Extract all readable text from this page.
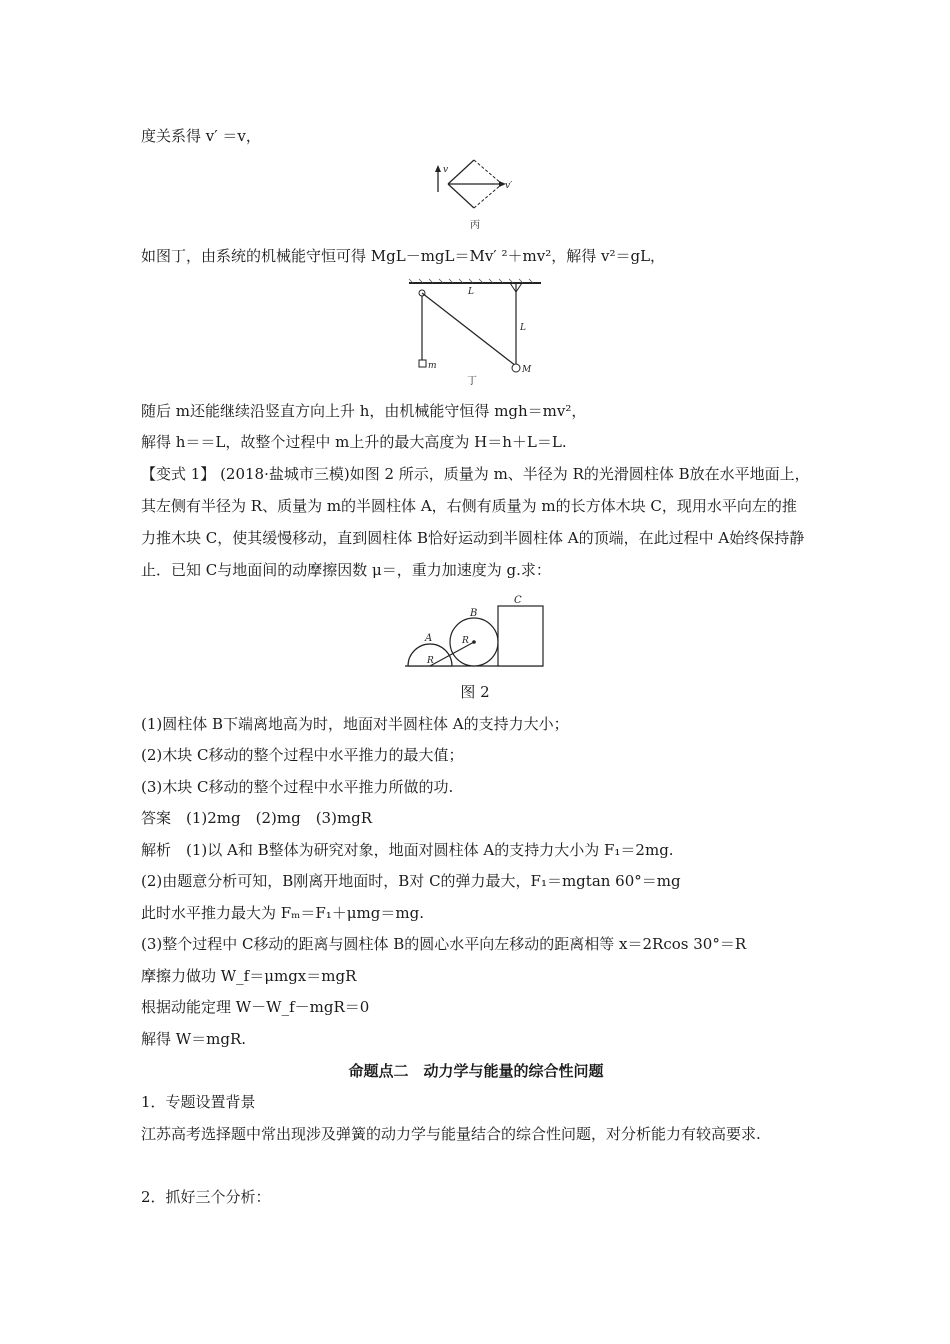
度关系得 v′ ＝v，
v
v′
丙
如图丁，由系统的机械能守恒可得 MgL－mgL＝Mv′ ²＋mv²，解得 v²＝gL，
m	M
L
L
丁
随后 m还能继续沿竖直方向上升 h，由机械能守恒得 mgh＝mv²，
解得 h＝＝L，故整个过程中 m上升的最大高度为 H＝h＋L＝L.
【变式 1】 (2018·盐城市三模)如图 2 所示，质量为 m、半径为 R的光滑圆柱体 B放在水平地面上，其左侧有半径为 R、质量为 m的半圆柱体 A，右侧有质量为 m的长方体木块 C，现用水平向左的推力推木块 C，使其缓慢移动，直到圆柱体 B恰好运动到半圆柱体 A的顶端，在此过程中 A始终保持静止．已知 C与地面间的动摩擦因数 μ＝，重力加速度为 g.求：
A
B
R
R
C
图 2
(1)圆柱体 B下端离地高为时，地面对半圆柱体 A的支持力大小；
(2)木块 C移动的整个过程中水平推力的最大值；
(3)木块 C移动的整个过程中水平推力所做的功.
答案　(1)2mg　(2)mg　(3)mgR
解析　(1)以 A和 B整体为研究对象，地面对圆柱体 A的支持力大小为 F₁＝2mg.
(2)由题意分析可知，B刚离开地面时，B对 C的弹力最大，F₁＝mgtan 60°＝mg
此时水平推力最大为 Fₘ＝F₁＋μmg＝mg.
(3)整个过程中 C移动的距离与圆柱体 B的圆心水平向左移动的距离相等 x＝2Rcos 30°＝R
摩擦力做功 W_f＝μmgx＝mgR
根据动能定理 W－W_f－mgR＝0
解得 W＝mgR.
命题点二　动力学与能量的综合性问题
1．专题设置背景
江苏高考选择题中常出现涉及弹簧的动力学与能量结合的综合性问题，对分析能力有较高要求.
2．抓好三个分析：
